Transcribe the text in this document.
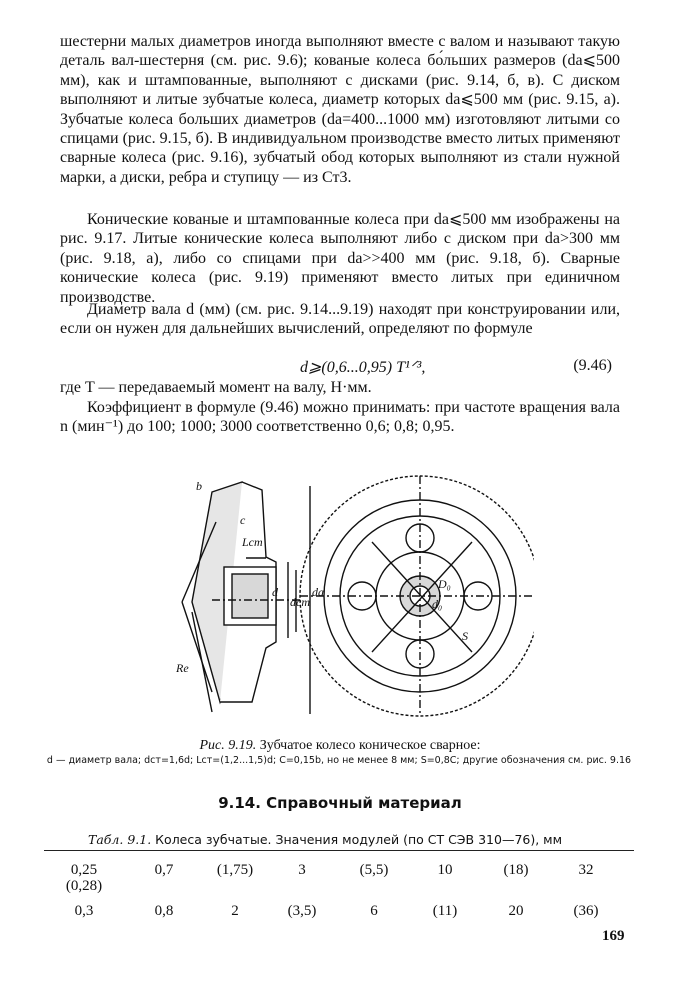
шестерни малых диаметров иногда выполняют вместе с валом и называют такую деталь вал-шестерня (см. рис. 9.6); кованые колеса бо́льших размеров (da⩽500 мм), как и штампованные, выполняют с дисками (рис. 9.14, б, в). С диском выполняют и литые зубчатые колеса, диаметр которых da⩽500 мм (рис. 9.15, а). Зубчатые колеса больших диаметров (da=400...1000 мм) изготовляют литыми со спицами (рис. 9.15, б). В индивидуальном производстве вместо литых применяют сварные колеса (рис. 9.16), зубчатый обод которых выполняют из стали нужной марки, а диски, ребра и ступицу — из Ст3.

Конические кованые и штампованные колеса при da⩽500 мм изображены на рис. 9.17. Литые конические колеса выполняют либо с диском при da>300 мм (рис. 9.18, а), либо со спицами при da>>400 мм (рис. 9.18, б). Сварные конические колеса (рис. 9.19) применяют вместо литых при единичном производстве.

Диаметр вала d (мм) (см. рис. 9.14...9.19) находят при конструировании или, если он нужен для дальнейших вычислений, определяют по формуле

d⩾(0,6...0,95) T¹ᐟ³,	(9.46)

где T — передаваемый момент на валу, Н·мм.

Коэффициент в формуле (9.46) можно принимать: при частоте вращения вала n (мин⁻¹) до 100; 1000; 3000 соответственно 0,6; 0,8; 0,95.

b
c
Lст
d
dст
da
Re
D₀
d₀
S
Рис. 9.19. Зубчатое колесо коническое сварное:
d — диаметр вала; dст=1,6d; Lст=(1,2...1,5)d; C=0,15b, но не менее 8 мм; S=0,8C; другие обозначения см. рис. 9.16
9.14. Справочный материал
Табл. 9.1. Колеса зубчатые. Значения модулей (по СТ СЭВ 310—76), мм
0,25	0,7	(1,75)	3	(5,5)	10	(18)	32
(0,28)
0,3	0,8	2	(3,5)	6	(11)	20	(36)
169
